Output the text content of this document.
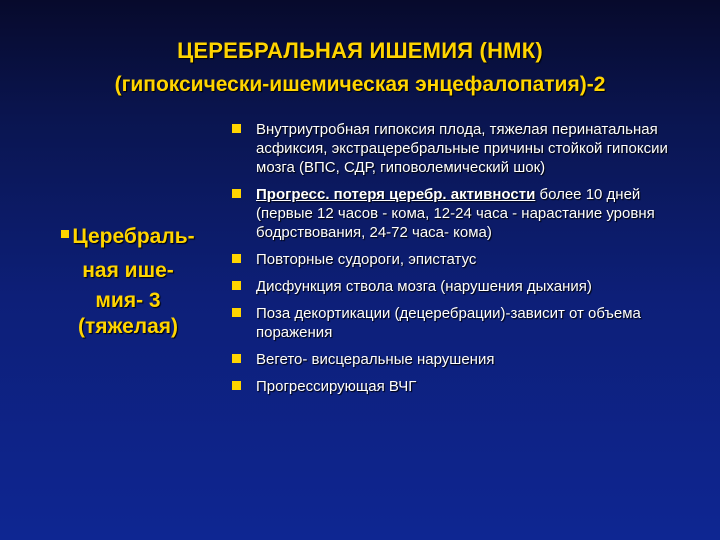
ЦЕРЕБРАЛЬНАЯ ИШЕМИЯ (НМК)
(гипоксически-ишемическая энцефалопатия)-2
Церебраль-
ная ише-
мия- 3
(тяжелая)
Внутриутробная гипоксия плода, тяжелая перинатальная асфиксия, экстрацеребральные причины стойкой гипоксии мозга (ВПС, СДР, гиповолемический шок)
Прогресс. потеря церебр. активности более 10 дней (первые 12 часов - кома, 12-24 часа - нарастание уровня бодрствования, 24-72 часа- кома)
Повторные судороги, эпистатус
Дисфункция ствола мозга (нарушения дыхания)
Поза декортикации (децеребрации)-зависит от объема поражения
Вегето- висцеральные нарушения
Прогрессирующая ВЧГ
